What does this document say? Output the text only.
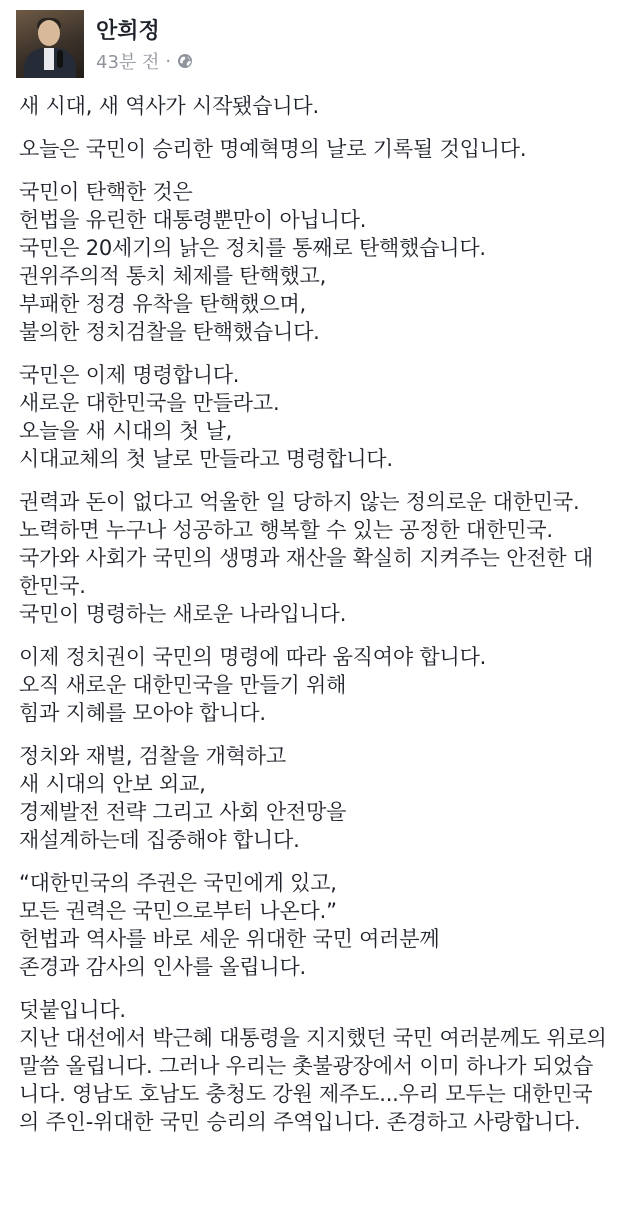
안희정
43분 전 ·
새 시대, 새 역사가 시작됐습니다.
오늘은 국민이 승리한 명예혁명의 날로 기록될 것입니다.
국민이 탄핵한 것은
헌법을 유린한 대통령뿐만이 아닙니다.
국민은 20세기의 낡은 정치를 통째로 탄핵했습니다.
권위주의적 통치 체제를 탄핵했고,
부패한 정경 유착을 탄핵했으며,
불의한 정치검찰을 탄핵했습니다.
국민은 이제 명령합니다.
새로운 대한민국을 만들라고.
오늘을 새 시대의 첫 날,
시대교체의 첫 날로 만들라고 명령합니다.
권력과 돈이 없다고 억울한 일 당하지 않는 정의로운 대한민국.
노력하면 누구나 성공하고 행복할 수 있는 공정한 대한민국.
국가와 사회가 국민의 생명과 재산을 확실히 지켜주는 안전한 대
한민국.
국민이 명령하는 새로운 나라입니다.
이제 정치권이 국민의 명령에 따라 움직여야 합니다.
오직 새로운 대한민국을 만들기 위해
힘과 지혜를 모아야 합니다.
정치와 재벌, 검찰을 개혁하고
새 시대의 안보 외교,
경제발전 전략 그리고 사회 안전망을
재설계하는데 집중해야 합니다.
“대한민국의 주권은 국민에게 있고,
모든 권력은 국민으로부터 나온다.”
헌법과 역사를 바로 세운 위대한 국민 여러분께
존경과 감사의 인사를 올립니다.
덧붙입니다.
지난 대선에서 박근혜 대통령을 지지했던 국민 여러분께도 위로의
말씀 올립니다. 그러나 우리는 촛불광장에서 이미 하나가 되었습
니다. 영남도 호남도 충청도 강원 제주도...우리 모두는 대한민국
의 주인-위대한 국민 승리의 주역입니다. 존경하고 사랑합니다.
